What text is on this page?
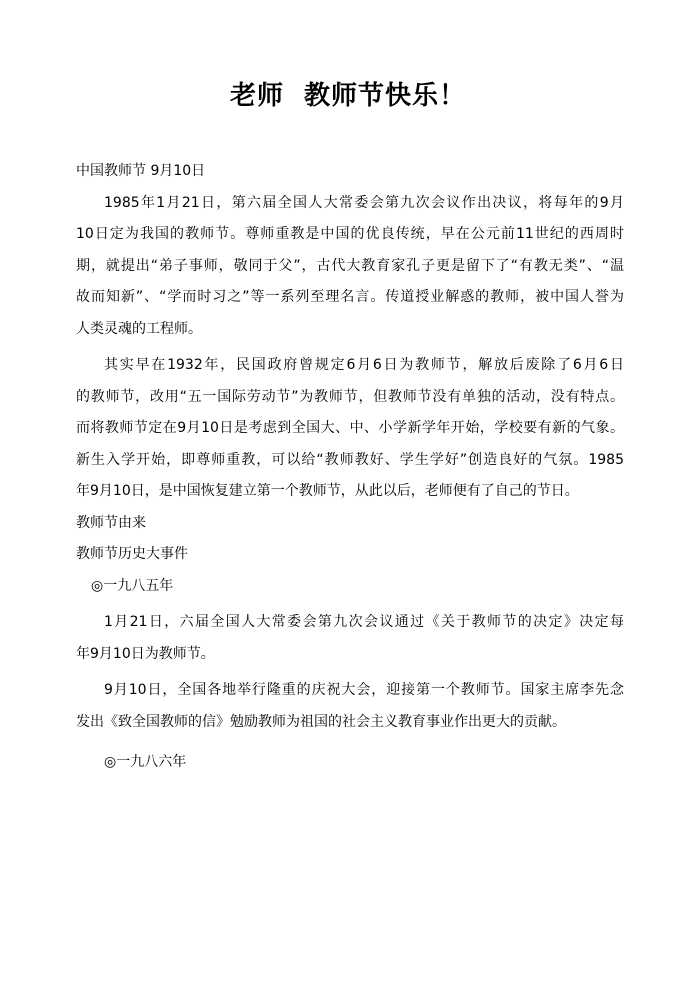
老师  教师节快乐！
中国教师节 9月10日
1985年1月21日，第六届全国人大常委会第九次会议作出决议，将每年的9月
10日定为我国的教师节。尊师重教是中国的优良传统，早在公元前11世纪的西周时
期，就提出“弟子事师，敬同于父”，古代大教育家孔子更是留下了“有教无类”、“温
故而知新”、“学而时习之”等一系列至理名言。传道授业解惑的教师，被中国人誉为
人类灵魂的工程师。
其实早在1932年，民国政府曾规定6月6日为教师节，解放后废除了6月6日
的教师节，改用“五一国际劳动节”为教师节，但教师节没有单独的活动，没有特点。
而将教师节定在9月10日是考虑到全国大、中、小学新学年开始，学校要有新的气象。
新生入学开始，即尊师重教，可以给“教师教好、学生学好”创造良好的气氛。1985
年9月10日，是中国恢复建立第一个教师节，从此以后，老师便有了自己的节日。
教师节由来
教师节历史大事件
◎一九八五年
1月21日，六届全国人大常委会第九次会议通过《关于教师节的决定》决定每
年9月10日为教师节。
9月10日，全国各地举行隆重的庆祝大会，迎接第一个教师节。国家主席李先念
发出《致全国教师的信》勉励教师为祖国的社会主义教育事业作出更大的贡献。
◎一九八六年
